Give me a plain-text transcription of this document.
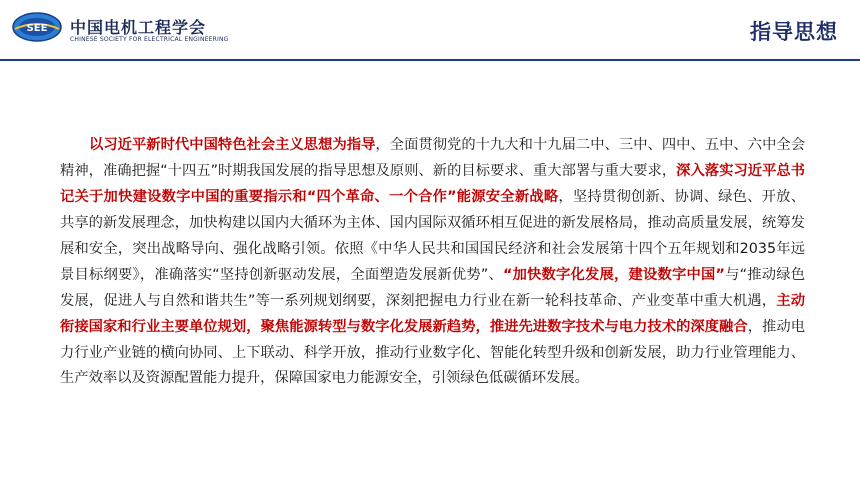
SEE 中国电机工程学会
CHINESE SOCIETY FOR ELECTRICAL ENGINEERING	指导思想

以习近平新时代中国特色社会主义思想为指导，全面贯彻党的十九大和十九届二中、三中、四中、五中、六中全会精神，准确把握“十四五”时期我国发展的指导思想及原则、新的目标要求、重大部署与重大要求，深入落实习近平总书记关于加快建设数字中国的重要指示和“四个革命、一个合作”能源安全新战略，坚持贯彻创新、协调、绿色、开放、共享的新发展理念，加快构建以国内大循环为主体、国内国际双循环相互促进的新发展格局，推动高质量发展，统筹发展和安全，突出战略导向、强化战略引领。依照《中华人民共和国国民经济和社会发展第十四个五年规划和2035年远景目标纲要》，准确落实“坚持创新驱动发展，全面塑造发展新优势”、“加快数字化发展，建设数字中国”与“推动绿色发展，促进人与自然和谐共生”等一系列规划纲要，深刻把握电力行业在新一轮科技革命、产业变革中重大机遇，主动衔接国家和行业主要单位规划，聚焦能源转型与数字化发展新趋势，推进先进数字技术与电力技术的深度融合，推动电力行业产业链的横向协同、上下联动、科学开放，推动行业数字化、智能化转型升级和创新发展，助力行业管理能力、生产效率以及资源配置能力提升，保障国家电力能源安全，引领绿色低碳循环发展。
